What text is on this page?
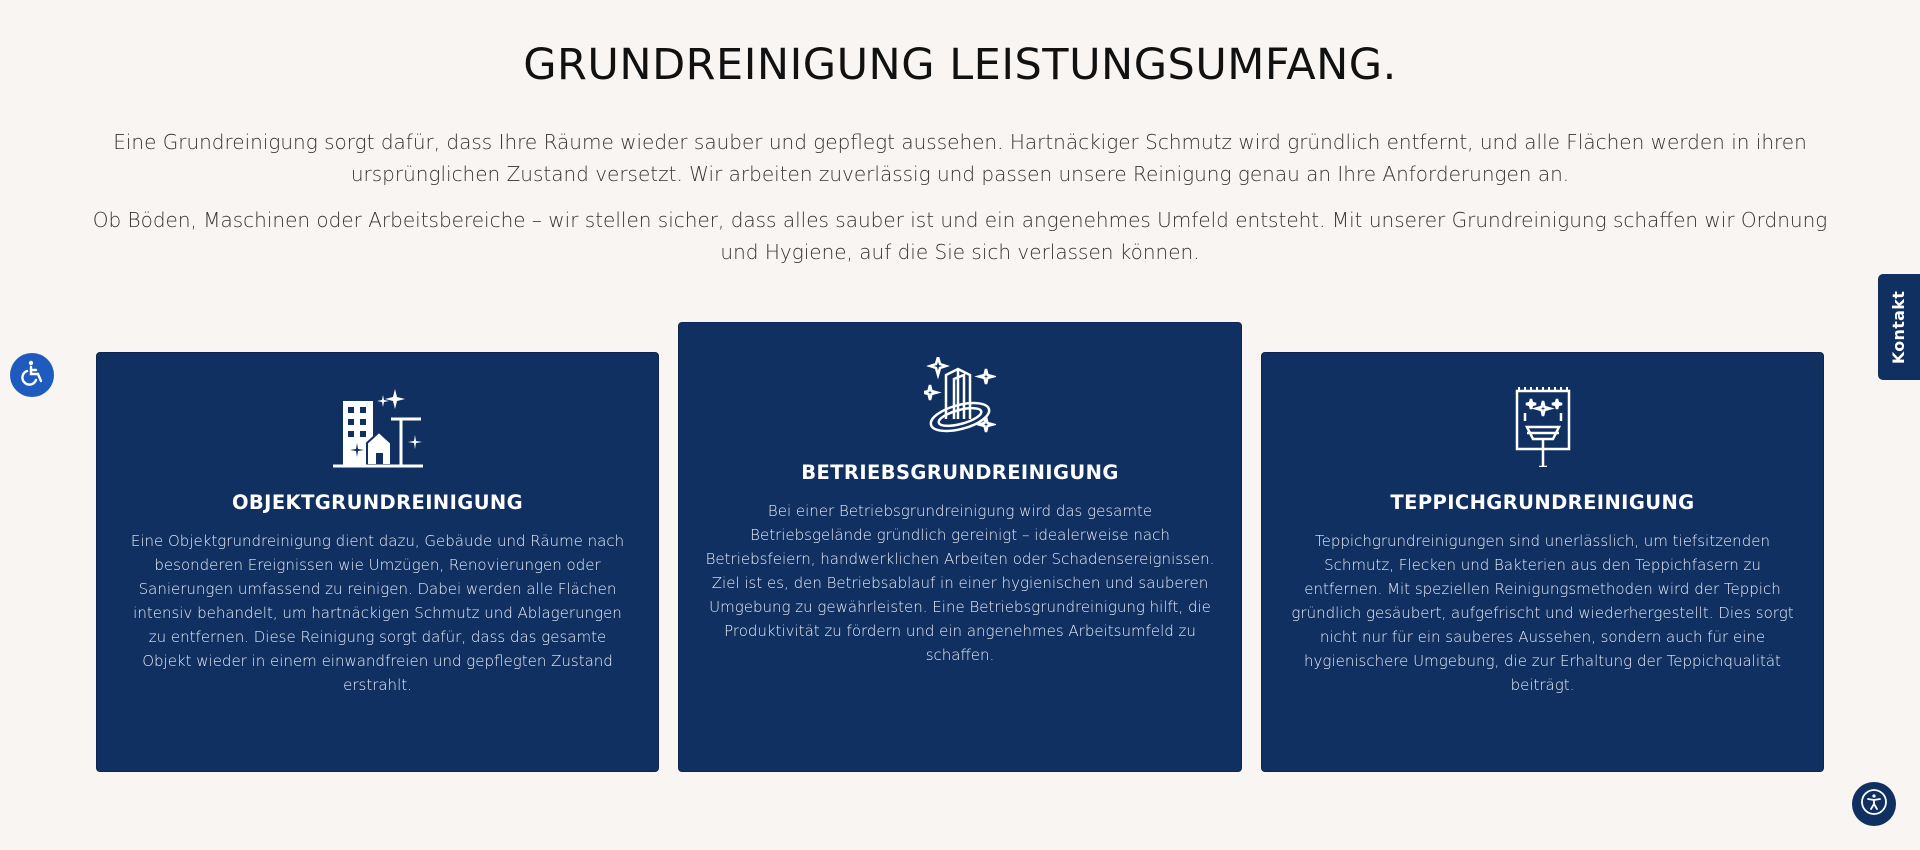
GRUNDREINIGUNG LEISTUNGSUMFANG.

Eine Grundreinigung sorgt dafür, dass Ihre Räume wieder sauber und gepflegt aussehen. Hartnäckiger Schmutz wird gründlich entfernt, und alle Flächen werden in ihren ursprünglichen Zustand versetzt. Wir arbeiten zuverlässig und passen unsere Reinigung genau an Ihre Anforderungen an.

Ob Böden, Maschinen oder Arbeitsbereiche – wir stellen sicher, dass alles sauber ist und ein angenehmes Umfeld entsteht. Mit unserer Grundreinigung schaffen wir Ordnung und Hygiene, auf die Sie sich verlassen können.

OBJEKTGRUNDREINIGUNG

Eine Objektgrundreinigung dient dazu, Gebäude und Räume nach besonderen Ereignissen wie Umzügen, Renovierungen oder Sanierungen umfassend zu reinigen. Dabei werden alle Flächen intensiv behandelt, um hartnäckigen Schmutz und Ablagerungen zu entfernen. Diese Reinigung sorgt dafür, dass das gesamte Objekt wieder in einem einwandfreien und gepflegten Zustand erstrahlt.

BETRIEBSGRUNDREINIGUNG

Bei einer Betriebsgrundreinigung wird das gesamte Betriebsgelände gründlich gereinigt – idealerweise nach Betriebsfeiern, handwerklichen Arbeiten oder Schadensereignissen. Ziel ist es, den Betriebsablauf in einer hygienischen und sauberen Umgebung zu gewährleisten. Eine Betriebsgrundreinigung hilft, die Produktivität zu fördern und ein angenehmes Arbeitsumfeld zu schaffen.

TEPPICHGRUNDREINIGUNG

Teppichgrundreinigungen sind unerlässlich, um tiefsitzenden Schmutz, Flecken und Bakterien aus den Teppichfasern zu entfernen. Mit speziellen Reinigungsmethoden wird der Teppich gründlich gesäubert, aufgefrischt und wiederhergestellt. Dies sorgt nicht nur für ein sauberes Aussehen, sondern auch für eine hygienischere Umgebung, die zur Erhaltung der Teppichqualität beiträgt.

Kontakt
